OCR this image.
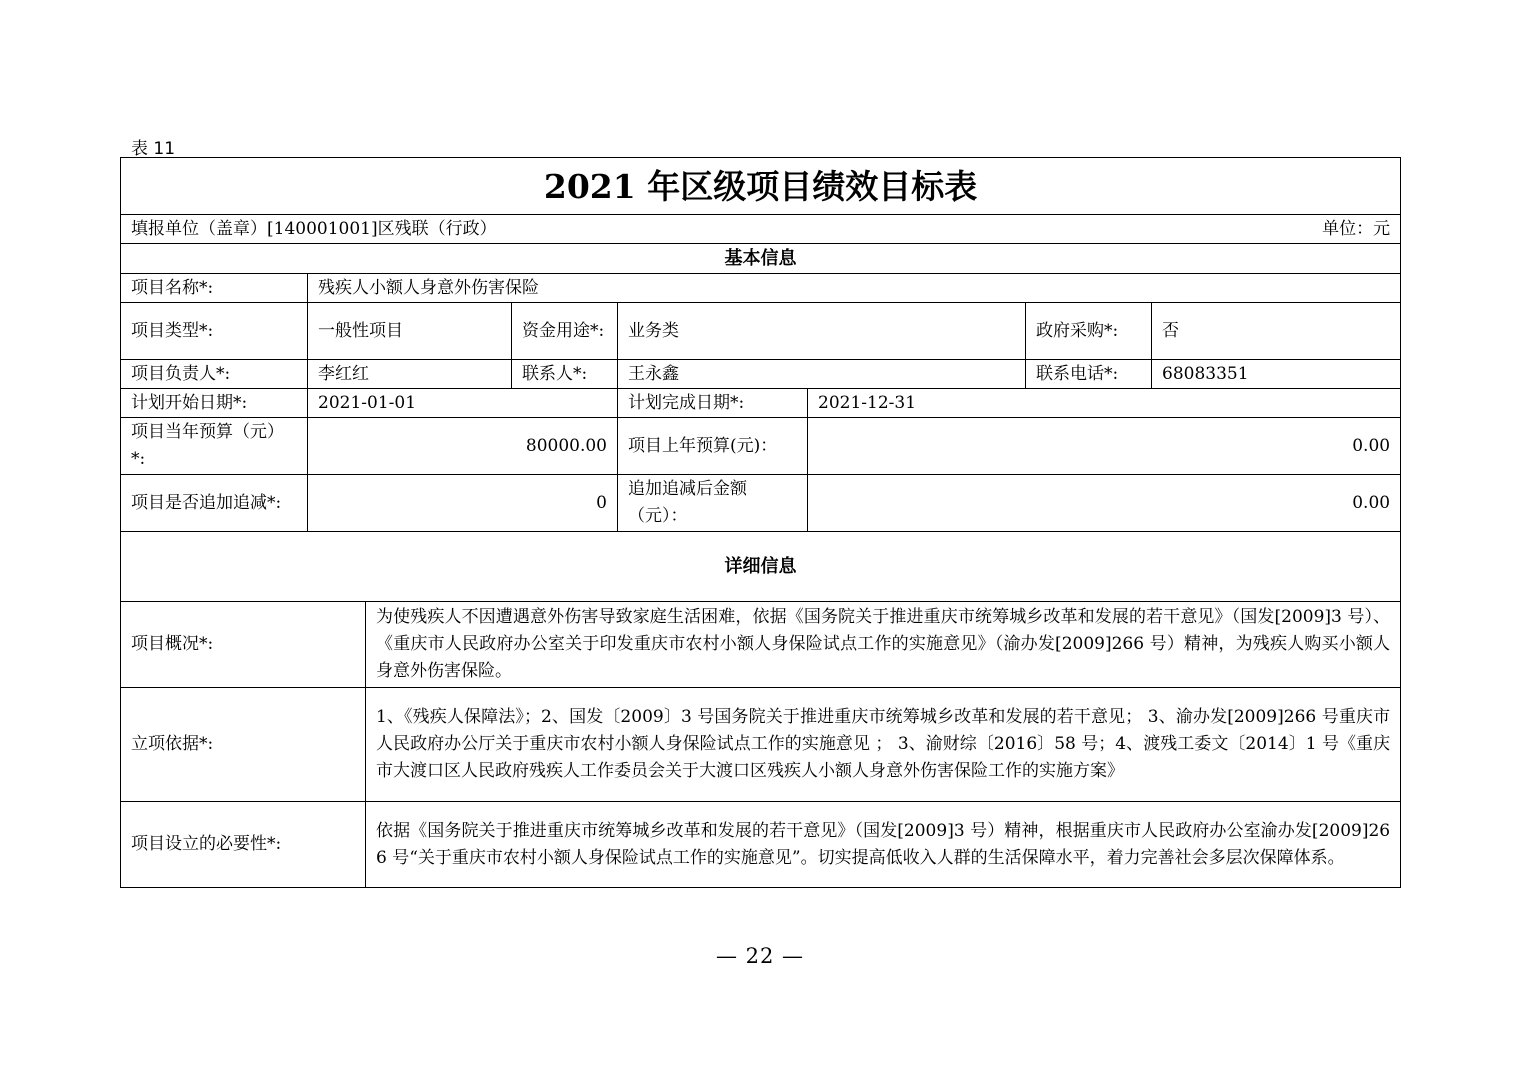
表 11
2021 年区级项目绩效目标表							

填报单位（盖章）[140001001]区残联（行政） 单位：元							

基本信息							
项目名称*:	残疾人小额人身意外伤害保险						
项目类型*:	一般性项目		资金用途*:	业务类		政府采购*:	否
项目负责人*:	李红红		联系人*:	王永鑫		联系电话*:	68083351
计划开始日期*:	2021-01-01			计划完成日期*:	2021-12-31		
项目当年预算（元）*:	80000.00			项目上年预算(元)：	0.00		
项目是否追加追减*:	0			追加追减后金额（元）：	0.00		
详细信息							
项目概况*:		为使残疾人不因遭遇意外伤害导致家庭生活困难，依据《国务院关于推进重庆市统筹城乡改革和发展的若干意见》（国发[2009]3 号）、《重庆市人民政府办公室关于印发重庆市农村小额人身保险试点工作的实施意见》（渝办发[2009]266 号）精神，为残疾人购买小额人身意外伤害保险。					
立项依据*:		1、《残疾人保障法》；2、国发〔2009〕3 号国务院关于推进重庆市统筹城乡改革和发展的若干意见； 3、渝办发[2009]266 号重庆市人民政府办公厅关于重庆市农村小额人身保险试点工作的实施意见 ； 3、渝财综〔2016〕58 号；4、渡残工委文〔2014〕1 号《重庆市大渡口区人民政府残疾人工作委员会关于大渡口区残疾人小额人身意外伤害保险工作的实施方案》					
项目设立的必要性*:		依据《国务院关于推进重庆市统筹城乡改革和发展的若干意见》（国发[2009]3 号）精神，根据重庆市人民政府办公室渝办发[2009]266 号“关于重庆市农村小额人身保险试点工作的实施意见”。切实提高低收入人群的生活保障水平，着力完善社会多层次保障体系。					
— 22 —
